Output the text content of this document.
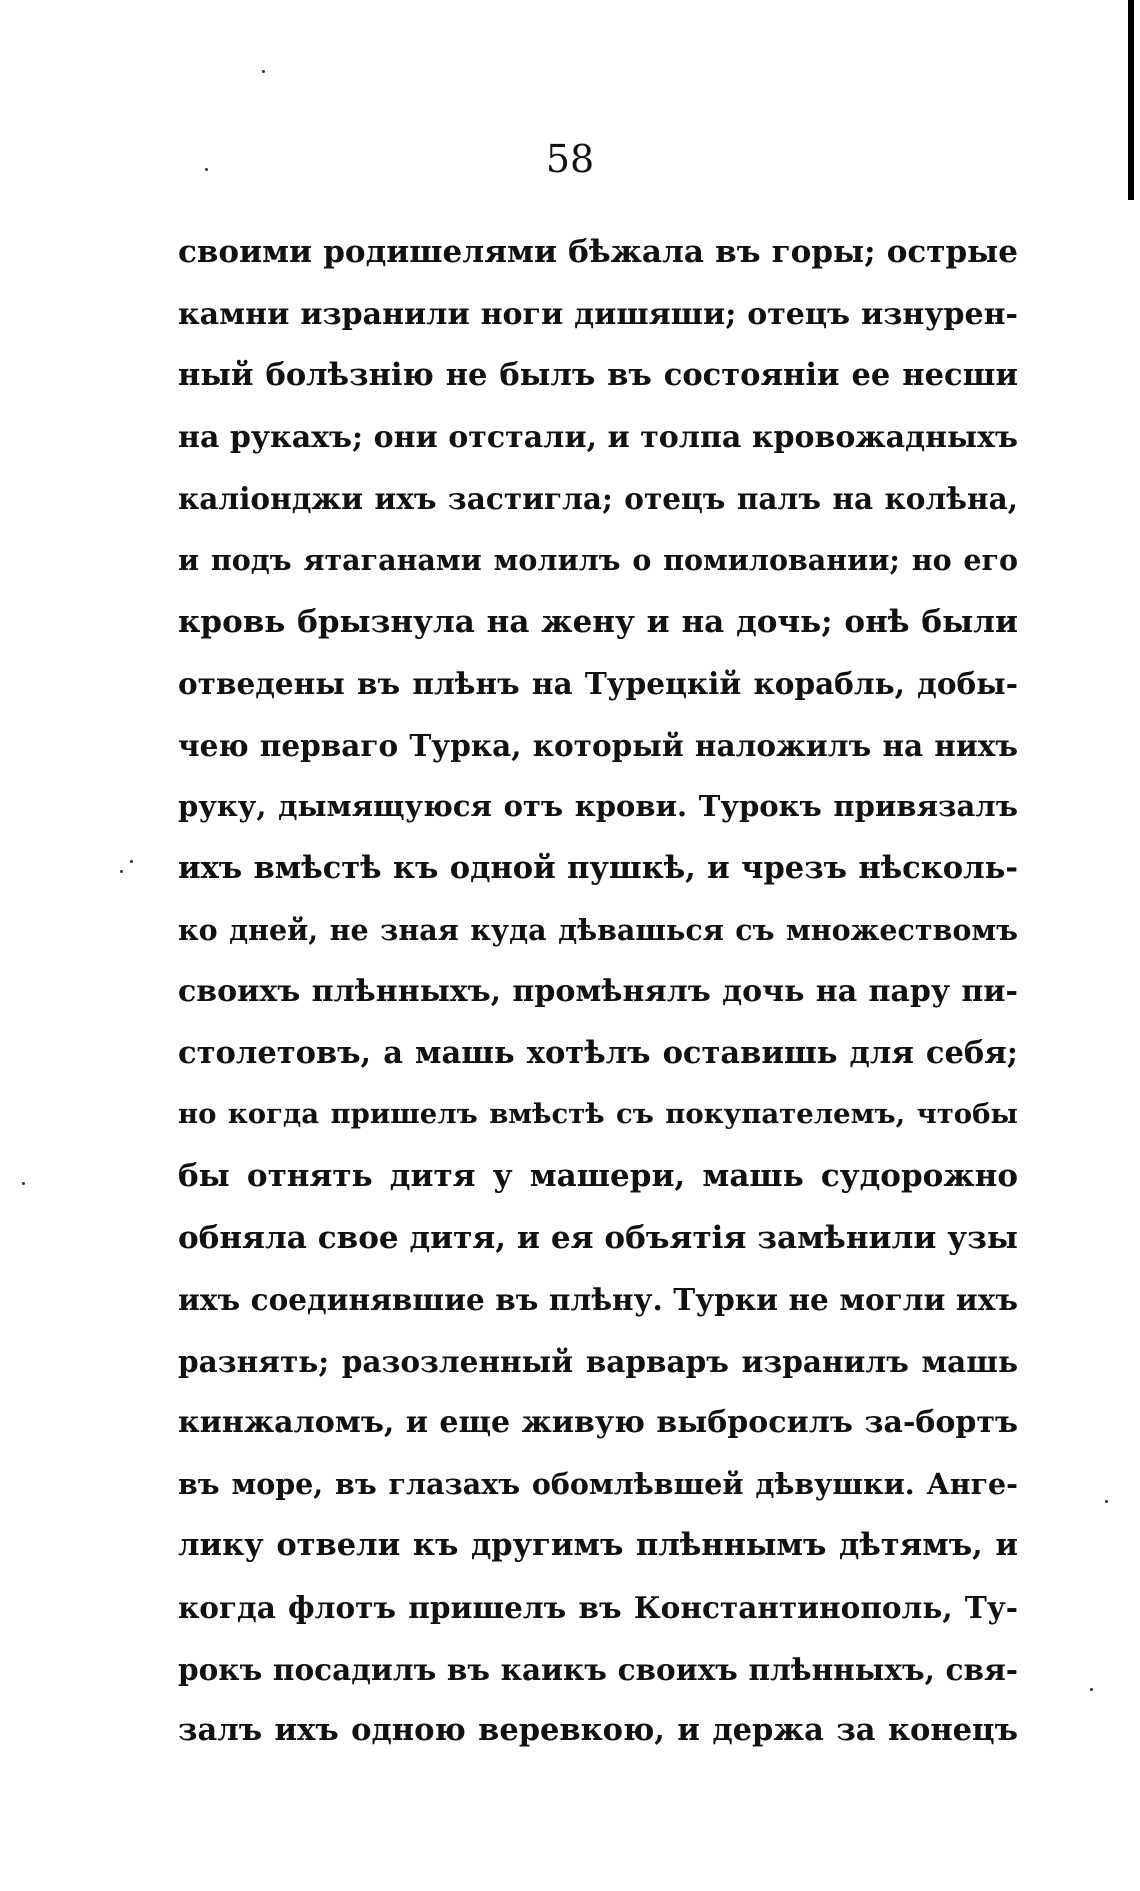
58
своими родишелями бѣжала въ горы; острые
камни изранили ноги дишяши; отецъ изнурен-
ный болѣзнію не былъ въ состояніи ее несши
на рукахъ; они отстали, и толпа кровожадныхъ
каліонджи ихъ застигла; отецъ палъ на колѣна,
и подъ ятаганами молилъ о помиловании; но его
кровь брызнула на жену и на дочь; онѣ были
отведены въ плѣнъ на Турецкій корабль, добы-
чею перваго Турка, который наложилъ на нихъ
руку, дымящуюся отъ крови. Турокъ привязалъ
ихъ вмѣстѣ къ одной пушкѣ, и чрезъ нѣсколь-
ко дней, не зная куда дѣвашься съ множествомъ
своихъ плѣнныхъ, промѣнялъ дочь на пару пи-
столетовъ, а машь хотѣлъ оставишь для себя;
но когда пришелъ вмѣстѣ съ покупателемъ, чтобы
бы отнять дитя у машери, машь судорожно
обняла свое дитя, и ея объятія замѣнили узы
ихъ соединявшие въ плѣну. Турки не могли ихъ
разнять; разозленный варваръ изранилъ машь
кинжаломъ, и еще живую выбросилъ за-бортъ
въ море, въ глазахъ обомлѣвшей дѣвушки. Анге-
лику отвели къ другимъ плѣннымъ дѣтямъ, и
когда флотъ пришелъ въ Константинополь, Ту-
рокъ посадилъ въ каикъ своихъ плѣнныхъ, свя-
залъ ихъ одною веревкою, и держа за конецъ
